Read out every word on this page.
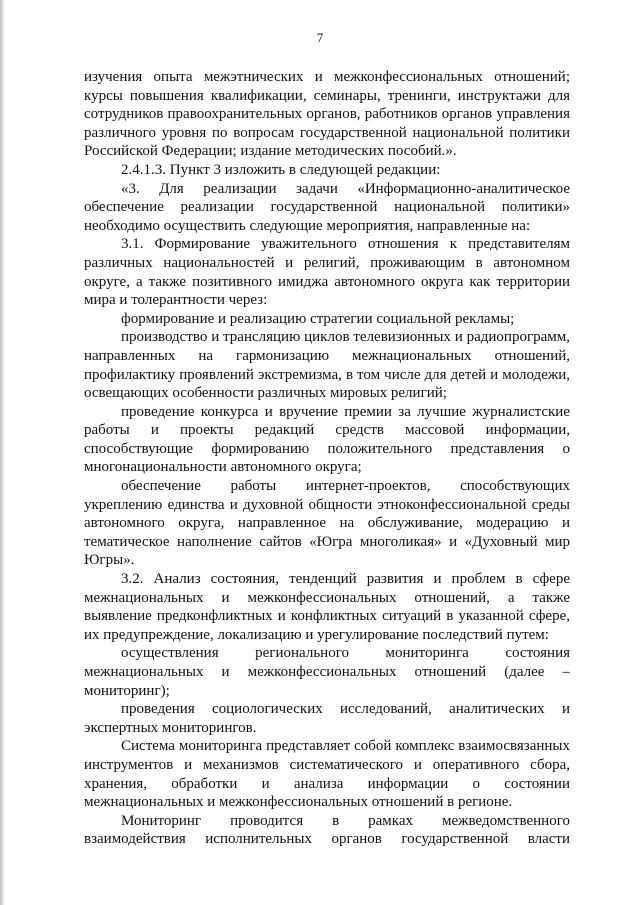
7

изучения опыта межэтнических и межконфессиональных отношений; курсы повышения квалификации, семинары, тренинги, инструктажи для сотрудников правоохранительных органов, работников органов управления различного уровня по вопросам государственной национальной политики Российской Федерации; издание методических пособий.».

2.4.1.3. Пункт 3 изложить в следующей редакции:

«3. Для реализации задачи «Информационно-аналитическое обеспечение реализации государственной национальной политики» необходимо осуществить следующие мероприятия, направленные на:

3.1. Формирование уважительного отношения к представителям различных национальностей и религий, проживающим в автономном округе, а также позитивного имиджа автономного округа как территории мира и толерантности через:

формирование и реализацию стратегии социальной рекламы;

производство и трансляцию циклов телевизионных и радиопрограмм, направленных на гармонизацию межнациональных отношений, профилактику проявлений экстремизма, в том числе для детей и молодежи, освещающих особенности различных мировых религий;

проведение конкурса и вручение премии за лучшие журналистские работы и проекты редакций средств массовой информации, способствующие формированию положительного представления о многонациональности автономного округа;

обеспечение работы интернет-проектов, способствующих укреплению единства и духовной общности этноконфессиональной среды автономного округа, направленное на обслуживание, модерацию и тематическое наполнение сайтов «Югра многоликая» и «Духовный мир Югры».

3.2. Анализ состояния, тенденций развития и проблем в сфере межнациональных и межконфессиональных отношений, а также выявление предконфликтных и конфликтных ситуаций в указанной сфере, их предупреждение, локализацию и урегулирование последствий путем:

осуществления регионального мониторинга состояния межнациональных и межконфессиональных отношений (далее – мониторинг);

проведения социологических исследований, аналитических и экспертных мониторингов.

Система мониторинга представляет собой комплекс взаимосвязанных инструментов и механизмов систематического и оперативного сбора, хранения, обработки и анализа информации о состоянии межнациональных и межконфессиональных отношений в регионе.

Мониторинг проводится в рамках межведомственного взаимодействия исполнительных органов государственной власти
